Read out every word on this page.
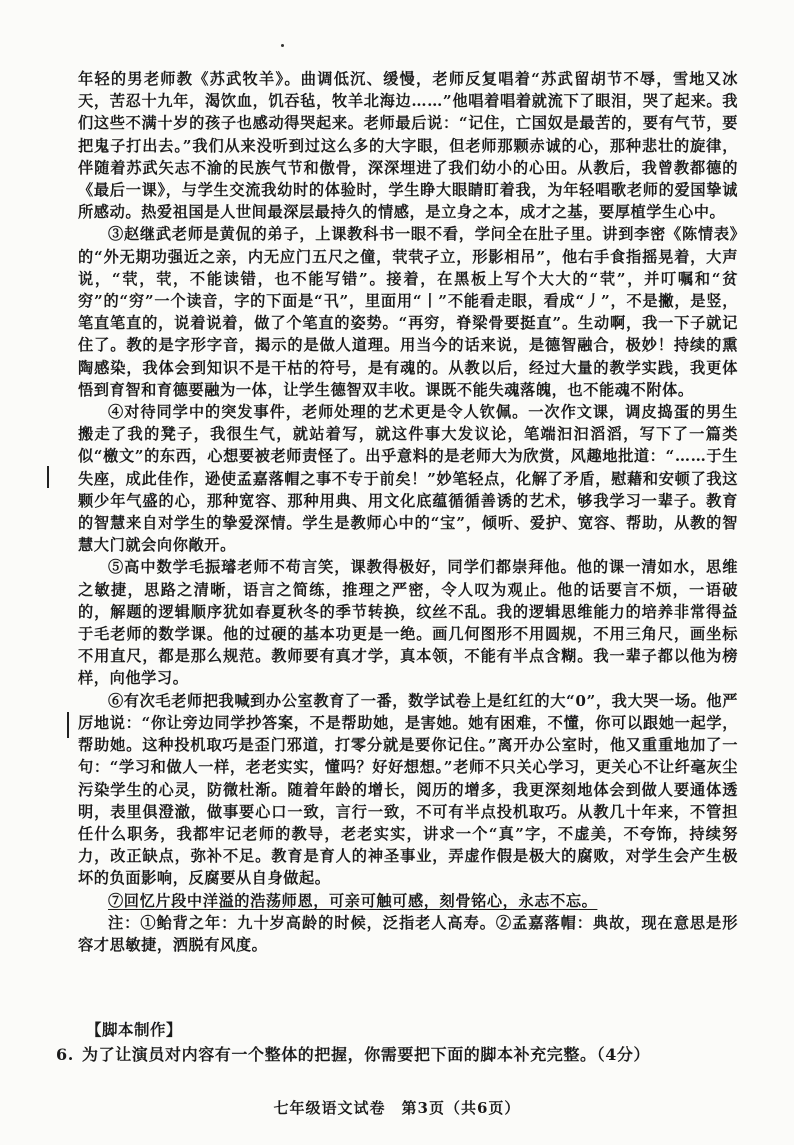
年轻的男老师教《苏武牧羊》。曲调低沉、缓慢，老师反复唱着“苏武留胡节不辱，雪地又冰天，苦忍十九年，渴饮血，饥吞毡，牧羊北海边……”他唱着唱着就流下了眼泪，哭了起来。我们这些不满十岁的孩子也感动得哭起来。老师最后说：“记住，亡国奴是最苦的，要有气节，要把鬼子打出去。”我们从来没听到过这么多的大字眼，但老师那颗赤诚的心，那种悲壮的旋律，伴随着苏武矢志不渝的民族气节和傲骨，深深埋进了我们幼小的心田。从教后，我曾教都德的《最后一课》，与学生交流我幼时的体验时，学生睁大眼睛盯着我，为年轻唱歌老师的爱国挚诚所感动。热爱祖国是人世间最深层最持久的情感，是立身之本，成才之基，要厚植学生心中。

③赵继武老师是黄侃的弟子，上课教科书一眼不看，学问全在肚子里。讲到李密《陈情表》的“外无期功强近之亲，内无应门五尺之僮，茕茕孑立，形影相吊”，他右手食指摇晃着，大声说，“茕，茕，不能读错，也不能写错”。接着，在黑板上写个大大的“茕”，并叮嘱和“贫穷”的“穷”一个读音，字的下面是“卂”，里面用“丨”不能看走眼，看成“丿”，不是撇，是竖，笔直笔直的，说着说着，做了个笔直的姿势。“再穷，脊梁骨要挺直”。生动啊，我一下子就记住了。教的是字形字音，揭示的是做人道理。用当今的话来说，是德智融合，极妙！持续的熏陶感染，我体会到知识不是干枯的符号，是有魂的。从教以后，经过大量的教学实践，我更体悟到育智和育德要融为一体，让学生德智双丰收。课既不能失魂落魄，也不能魂不附体。

④对待同学中的突发事件，老师处理的艺术更是令人钦佩。一次作文课，调皮捣蛋的男生搬走了我的凳子，我很生气，就站着写，就这件事大发议论，笔端汩汩滔滔，写下了一篇类似“檄文”的东西，心想要被老师责怪了。出乎意料的是老师大为欣赏，风趣地批道：“……于生失座，成此佳作，逊使孟嘉落帽之事不专于前矣！”妙笔轻点，化解了矛盾，慰藉和安顿了我这颗少年气盛的心，那种宽容、那种用典、用文化底蕴循循善诱的艺术，够我学习一辈子。教育的智慧来自对学生的挚爱深情。学生是教师心中的“宝”，倾听、爱护、宽容、帮助，从教的智慧大门就会向你敞开。

⑤高中数学毛振璿老师不苟言笑，课教得极好，同学们都崇拜他。他的课一清如水，思维之敏捷，思路之清晰，语言之简练，推理之严密，令人叹为观止。他的话要言不烦，一语破的，解题的逻辑顺序犹如春夏秋冬的季节转换，纹丝不乱。我的逻辑思维能力的培养非常得益于毛老师的数学课。他的过硬的基本功更是一绝。画几何图形不用圆规，不用三角尺，画坐标不用直尺，都是那么规范。教师要有真才学，真本领，不能有半点含糊。我一辈子都以他为榜样，向他学习。

⑥有次毛老师把我喊到办公室教育了一番，数学试卷上是红红的大“0”，我大哭一场。他严厉地说：“你让旁边同学抄答案，不是帮助她，是害她。她有困难，不懂，你可以跟她一起学，帮助她。这种投机取巧是歪门邪道，打零分就是要你记住。”离开办公室时，他又重重地加了一句：“学习和做人一样，老老实实，懂吗？好好想想。”老师不只关心学习，更关心不让纤毫灰尘污染学生的心灵，防微杜渐。随着年龄的增长，阅历的增多，我更深刻地体会到做人要通体透明，表里俱澄澈，做事要心口一致，言行一致，不可有半点投机取巧。从教几十年来，不管担任什么职务，我都牢记老师的教导，老老实实，讲求一个“真”字，不虚美，不夸饰，持续努力，改正缺点，弥补不足。教育是育人的神圣事业，弄虚作假是极大的腐败，对学生会产生极坏的负面影响，反腐要从自身做起。

⑦回忆片段中洋溢的浩荡师恩，可亲可触可感，刻骨铭心，永志不忘。

注：①鲐背之年：九十岁高龄的时候，泛指老人高寿。②孟嘉落帽：典故，现在意思是形容才思敏捷，洒脱有风度。

【脚本制作】
6. 为了让演员对内容有一个整体的把握，你需要把下面的脚本补充完整。（4分）
七年级语文试卷　第3页（共6页）
